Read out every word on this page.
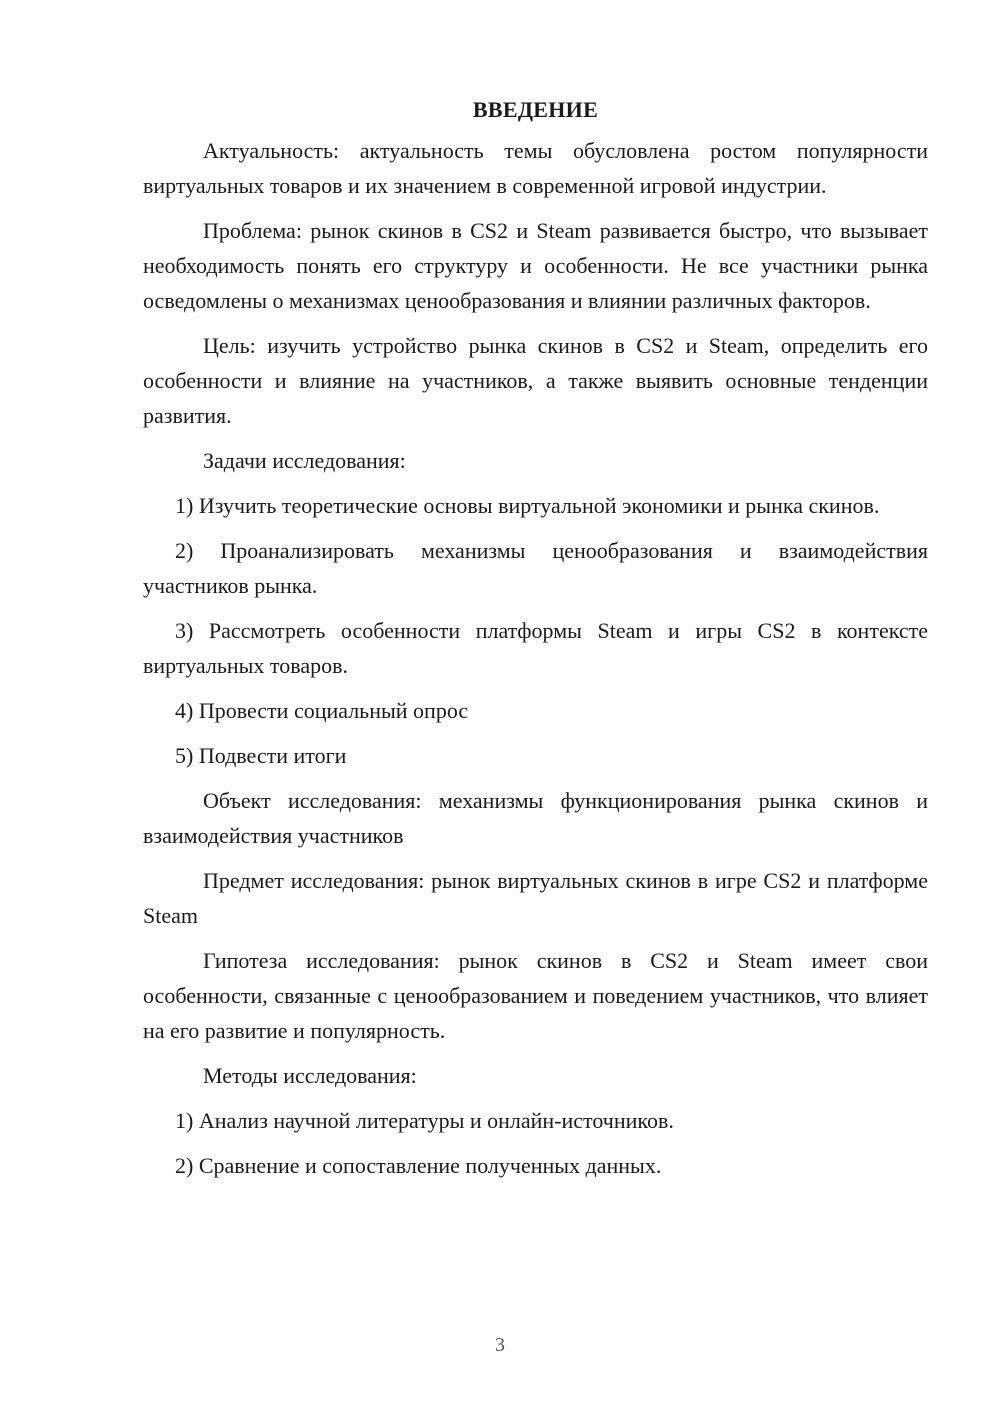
ВВЕДЕНИЕ

Актуальность: актуальность темы обусловлена ростом популярности виртуальных товаров и их значением в современной игровой индустрии.

Проблема: рынок скинов в CS2 и Steam развивается быстро, что вызывает необходимость понять его структуру и особенности. Не все участники рынка осведомлены о механизмах ценообразования и влиянии различных факторов.

Цель: изучить устройство рынка скинов в CS2 и Steam, определить его особенности и влияние на участников, а также выявить основные тенденции развития.

Задачи исследования:

1) Изучить теоретические основы виртуальной экономики и рынка скинов.

2) Проанализировать механизмы ценообразования и взаимодействия участников рынка.

3) Рассмотреть особенности платформы Steam и игры CS2 в контексте виртуальных товаров.

4) Провести социальный опрос

5) Подвести итоги

Объект исследования: механизмы функционирования рынка скинов и взаимодействия участников

Предмет исследования: рынок виртуальных скинов в игре CS2 и платформе Steam

Гипотеза исследования: рынок скинов в CS2 и Steam имеет свои особенности, связанные с ценообразованием и поведением участников, что влияет на его развитие и популярность.

Методы исследования:

1) Анализ научной литературы и онлайн-источников.

2) Сравнение и сопоставление полученных данных.

3
